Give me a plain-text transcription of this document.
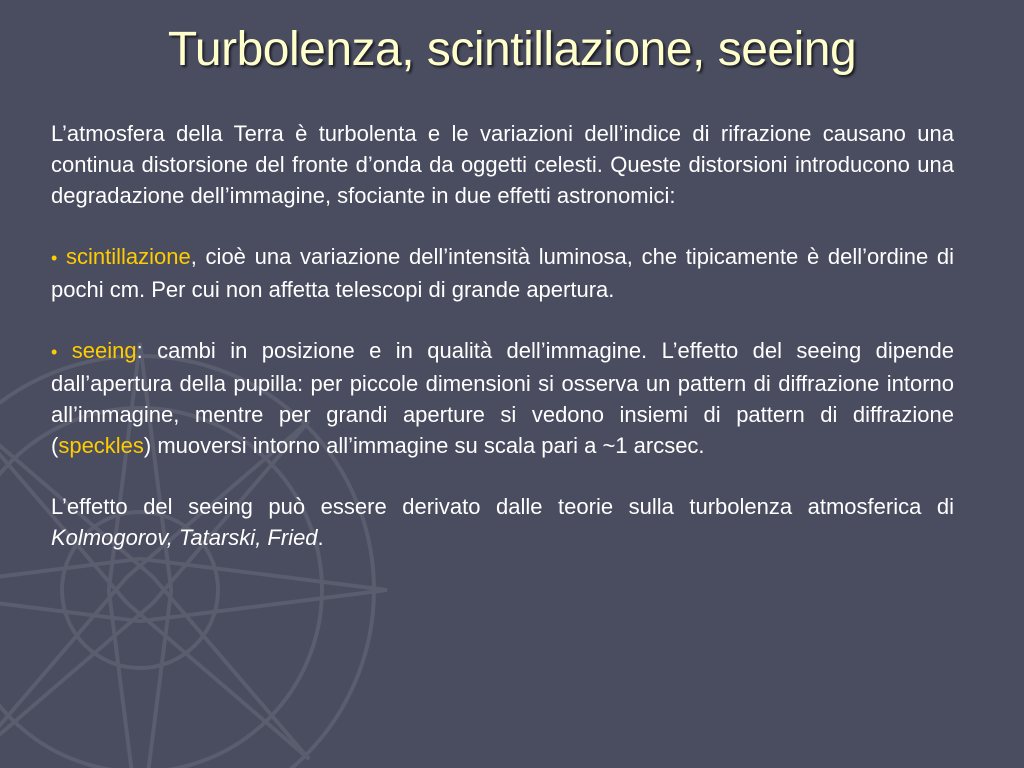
Turbolenza, scintillazione, seeing

L’atmosfera della Terra è turbolenta e le variazioni dell’indice di rifrazione causano una continua distorsione del fronte d’onda da oggetti celesti. Queste distorsioni introducono una degradazione dell’immagine, sfociante in due effetti astronomici:

• scintillazione, cioè una variazione dell’intensità luminosa, che tipicamente è dell’ordine di pochi cm. Per cui non affetta telescopi di grande apertura.

• seeing: cambi in posizione e in qualità dell’immagine. L’effetto del seeing dipende dall’apertura della pupilla: per piccole dimensioni si osserva un pattern di diffrazione intorno all’immagine, mentre per grandi aperture si vedono insiemi di pattern di diffrazione (speckles) muoversi intorno all’immagine su scala pari a ~1 arcsec.

L’effetto del seeing può essere derivato dalle teorie sulla turbolenza atmosferica di Kolmogorov, Tatarski, Fried.
